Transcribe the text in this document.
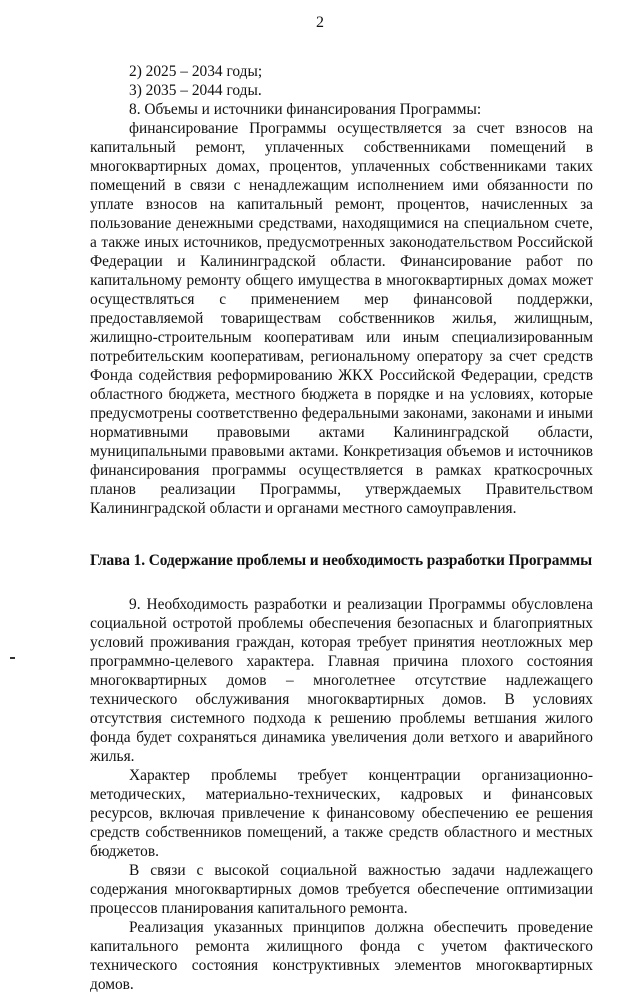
2

2) 2025 – 2034 годы;

3) 2035 – 2044 годы.

8. Объемы и источники финансирования Программы:

финансирование Программы осуществляется за счет взносов на капитальный ремонт, уплаченных собственниками помещений в многоквартирных домах, процентов, уплаченных собственниками таких помещений в связи с ненадлежащим исполнением ими обязанности по уплате взносов на капитальный ремонт, процентов, начисленных за пользование денежными средствами, находящимися на специальном счете, а также иных источников, предусмотренных законодательством Российской Федерации и Калининградской области. Финансирование работ по капитальному ремонту общего имущества в многоквартирных домах может осуществляться с применением мер финансовой поддержки, предоставляемой товариществам собственников жилья, жилищным, жилищно-строительным кооперативам или иным специализированным потребительским кооперативам, региональному оператору за счет средств Фонда содействия реформированию ЖКХ Российской Федерации, средств областного бюджета, местного бюджета в порядке и на условиях, которые предусмотрены соответственно федеральными законами, законами и иными нормативными правовыми актами Калининградской области, муниципальными правовыми актами. Конкретизация объемов и источников финансирования программы осуществляется в рамках краткосрочных планов реализации Программы, утверждаемых Правительством Калининградской области и органами местного самоуправления.

Глава 1. Содержание проблемы и необходимость разработки Программы

9. Необходимость разработки и реализации Программы обусловлена социальной остротой проблемы обеспечения безопасных и благоприятных условий проживания граждан, которая требует принятия неотложных мер программно-целевого характера. Главная причина плохого состояния многоквартирных домов – многолетнее отсутствие надлежащего технического обслуживания многоквартирных домов. В условиях отсутствия системного подхода к решению проблемы ветшания жилого фонда будет сохраняться динамика увеличения доли ветхого и аварийного жилья.

Характер проблемы требует концентрации организационно-методических, материально-технических, кадровых и финансовых ресурсов, включая привлечение к финансовому обеспечению ее решения средств собственников помещений, а также средств областного и местных бюджетов.

В связи с высокой социальной важностью задачи надлежащего содержания многоквартирных домов требуется обеспечение оптимизации процессов планирования капитального ремонта.

Реализация указанных принципов должна обеспечить проведение капитального ремонта жилищного фонда с учетом фактического технического состояния конструктивных элементов многоквартирных домов.
